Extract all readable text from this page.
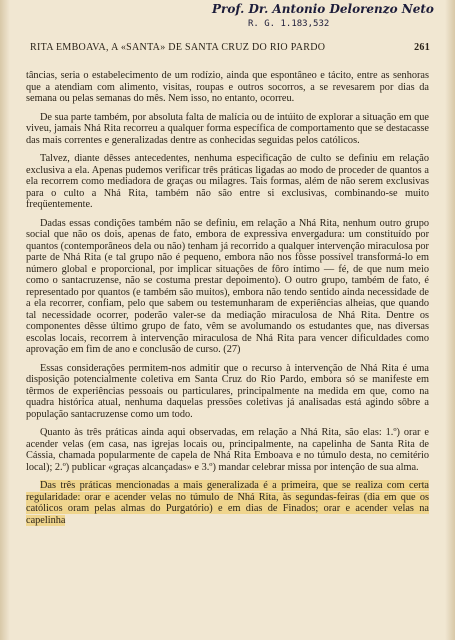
Prof. Dr. Antonio Delorenzo Neto
R. G. 1.183,532
RITA EMBOAVA, A «SANTA» DE SANTA CRUZ DO RIO PARDO	261

tâncias, seria o estabelecimento de um rodízio, ainda que espontâneo e tácito, entre as senhoras que a atendiam com alimento, visitas, roupas e outros socorros, a se revesarem por dias da semana ou pelas semanas do mês. Nem isso, no entanto, ocorreu.

De sua parte também, por absoluta falta de malícia ou de intúito de explorar a situação em que viveu, jamais Nhá Rita recorreu a qualquer forma específica de comportamento que se destacasse das mais correntes e generalizadas dentre as conhecidas seguidas pelos católicos.

Talvez, diante dêsses antecedentes, nenhuma especificação de culto se definiu em relação exclusiva a ela. Apenas pudemos verificar três práticas ligadas ao modo de proceder de quantos a ela recorrem como mediadora de graças ou milagres. Tais formas, além de não serem exclusivas para o culto a Nhá Rita, também não são entre si exclusivas, combinando-se muito freqüentemente.

Dadas essas condições também não se definiu, em relação a Nhá Rita, nenhum outro grupo social que não os dois, apenas de fato, embora de expressiva envergadura: um constituído por quantos (contemporâneos dela ou não) tenham já recorrido a qualquer intervenção miraculosa por parte de Nhá Rita (e tal grupo não é pequeno, embora não nos fôsse possível transformá-lo em número global e proporcional, por implicar situações de fôro íntimo — fé, de que num meio como o santacruzense, não se costuma prestar depoimento). O outro grupo, também de fato, é representado por quantos (e também são muitos), embora não tendo sentido ainda necessidade de a ela recorrer, confiam, pelo que sabem ou testemunharam de experiências alheias, que quando tal necessidade ocorrer, poderão valer-se da mediação miraculosa de Nhá Rita. Dentre os componentes dêsse último grupo de fato, vêm se avolumando os estudantes que, nas diversas escolas locais, recorrem à intervenção miraculosa de Nhá Rita para vencer dificuldades como aprovação em fim de ano e conclusão de curso. (27)

Essas considerações permitem-nos admitir que o recurso à intervenção de Nhá Rita é uma disposição potencialmente coletiva em Santa Cruz do Rio Pardo, embora só se manifeste em têrmos de experiências pessoais ou particulares, principalmente na medida em que, como na quadra histórica atual, nenhuma daquelas pressões coletivas já analisadas está agindo sôbre a população santacruzense como um todo.

Quanto às três práticas ainda aqui observadas, em relação a Nhá Rita, são elas: 1.º) orar e acender velas (em casa, nas igrejas locais ou, principalmente, na capelinha de Santa Rita de Cássia, chamada popularmente de capela de Nhá Rita Emboava e no túmulo desta, no cemitério local); 2.º) publicar «graças alcançadas» e 3.º) mandar celebrar missa por intenção de sua alma.

Das três práticas mencionadas a mais generalizada é a primeira, que se realiza com certa regularidade: orar e acender velas no túmulo de Nhá Rita, às segundas-feiras (dia em que os católicos oram pelas almas do Purgatório) e em dias de Finados; orar e acender velas na capelinha
